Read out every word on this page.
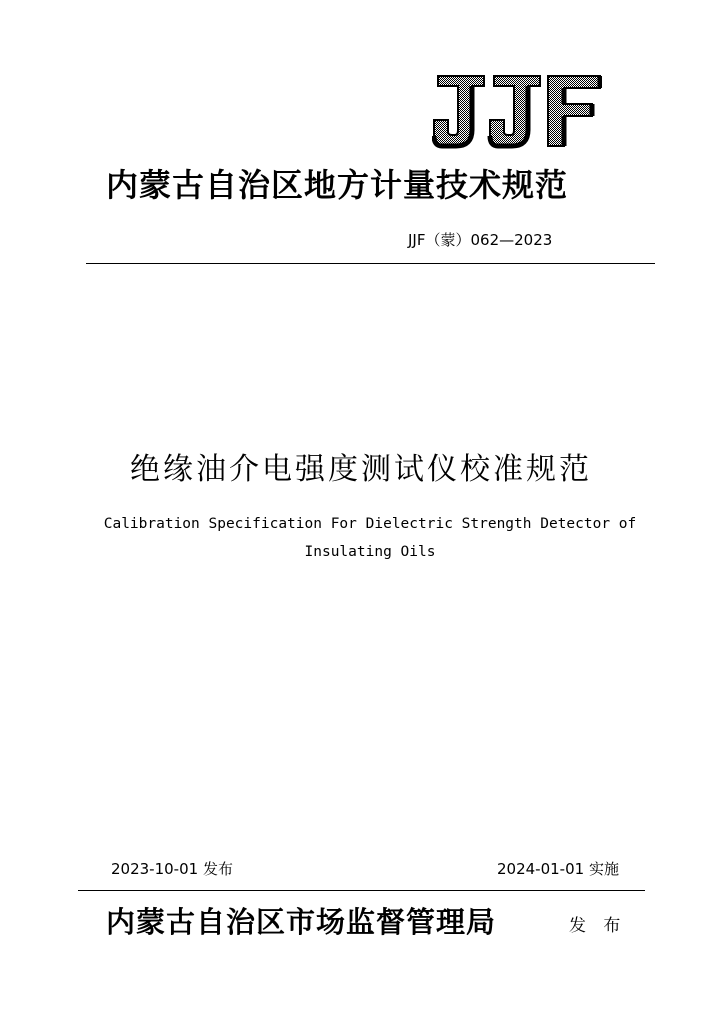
内蒙古自治区地方计量技术规范
JJF（蒙）062—2023
绝缘油介电强度测试仪校准规范
Calibration Specification For Dielectric Strength Detector of
Insulating Oils
2023-10-01 发布	2024-01-01 实施
内蒙古自治区市场监督管理局	发 布
